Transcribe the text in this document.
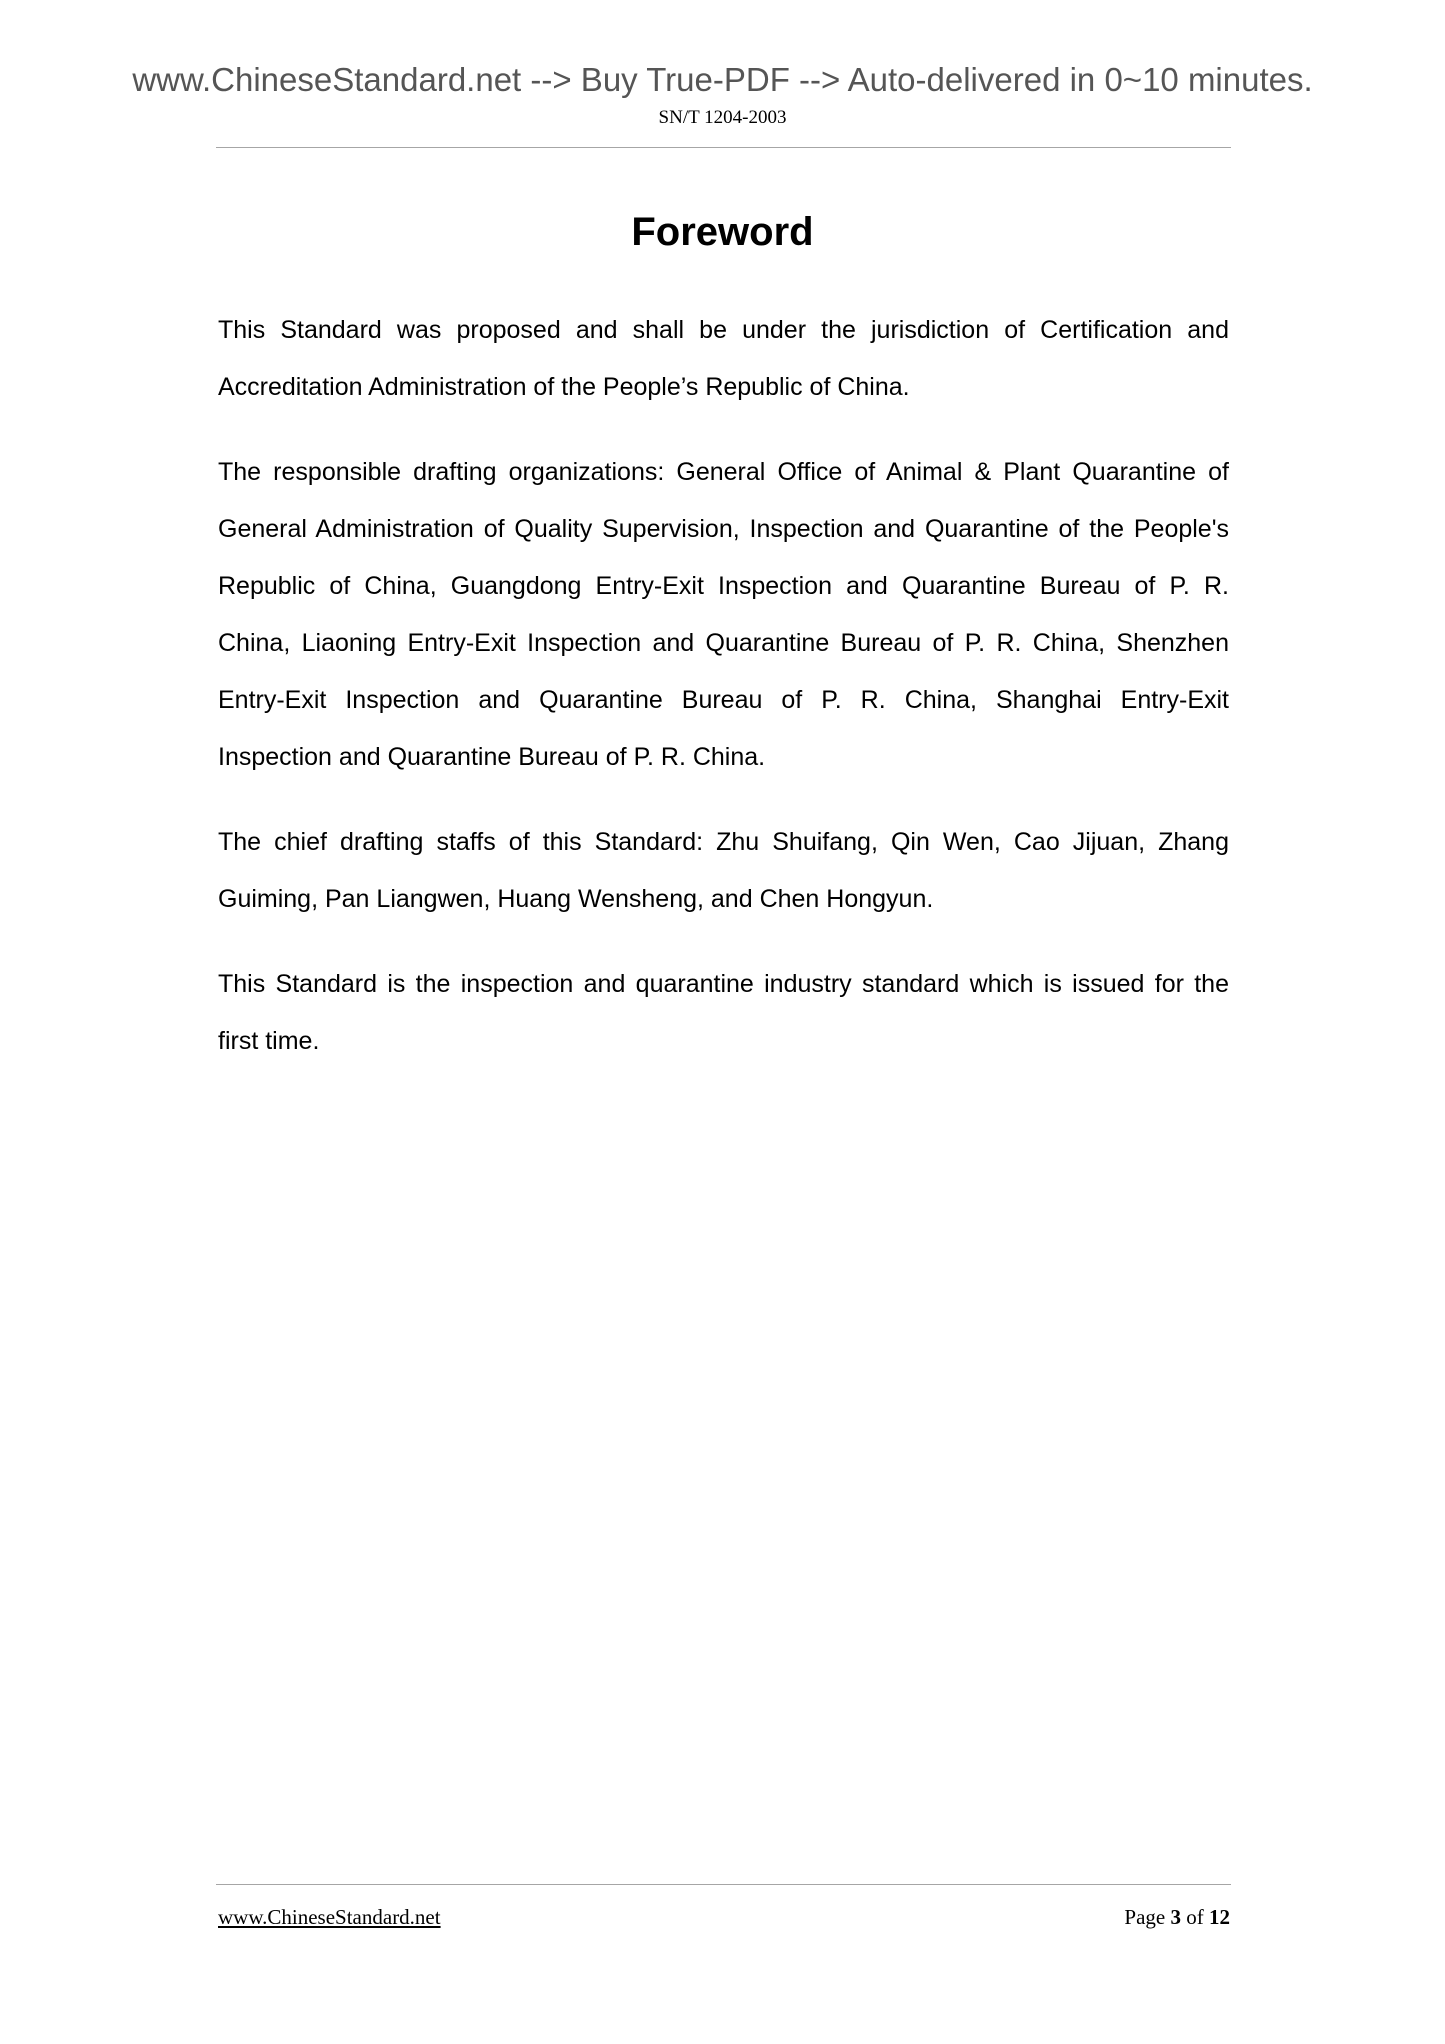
www.ChineseStandard.net --> Buy True-PDF --> Auto-delivered in 0~10 minutes.
SN/T 1204-2003
Foreword

This Standard was proposed and shall be under the jurisdiction of Certification and Accreditation Administration of the People’s Republic of China.

The responsible drafting organizations: General Office of Animal & Plant Quarantine of General Administration of Quality Supervision, Inspection and Quarantine of the People's Republic of China, Guangdong Entry-Exit Inspection and Quarantine Bureau of P. R. China, Liaoning Entry-Exit Inspection and Quarantine Bureau of P. R. China, Shenzhen Entry-Exit Inspection and Quarantine Bureau of P. R. China, Shanghai Entry-Exit Inspection and Quarantine Bureau of P. R. China.

The chief drafting staffs of this Standard: Zhu Shuifang, Qin Wen, Cao Jijuan, Zhang Guiming, Pan Liangwen, Huang Wensheng, and Chen Hongyun.

This Standard is the inspection and quarantine industry standard which is issued for the first time.

www.ChineseStandard.net	Page 3 of 12
